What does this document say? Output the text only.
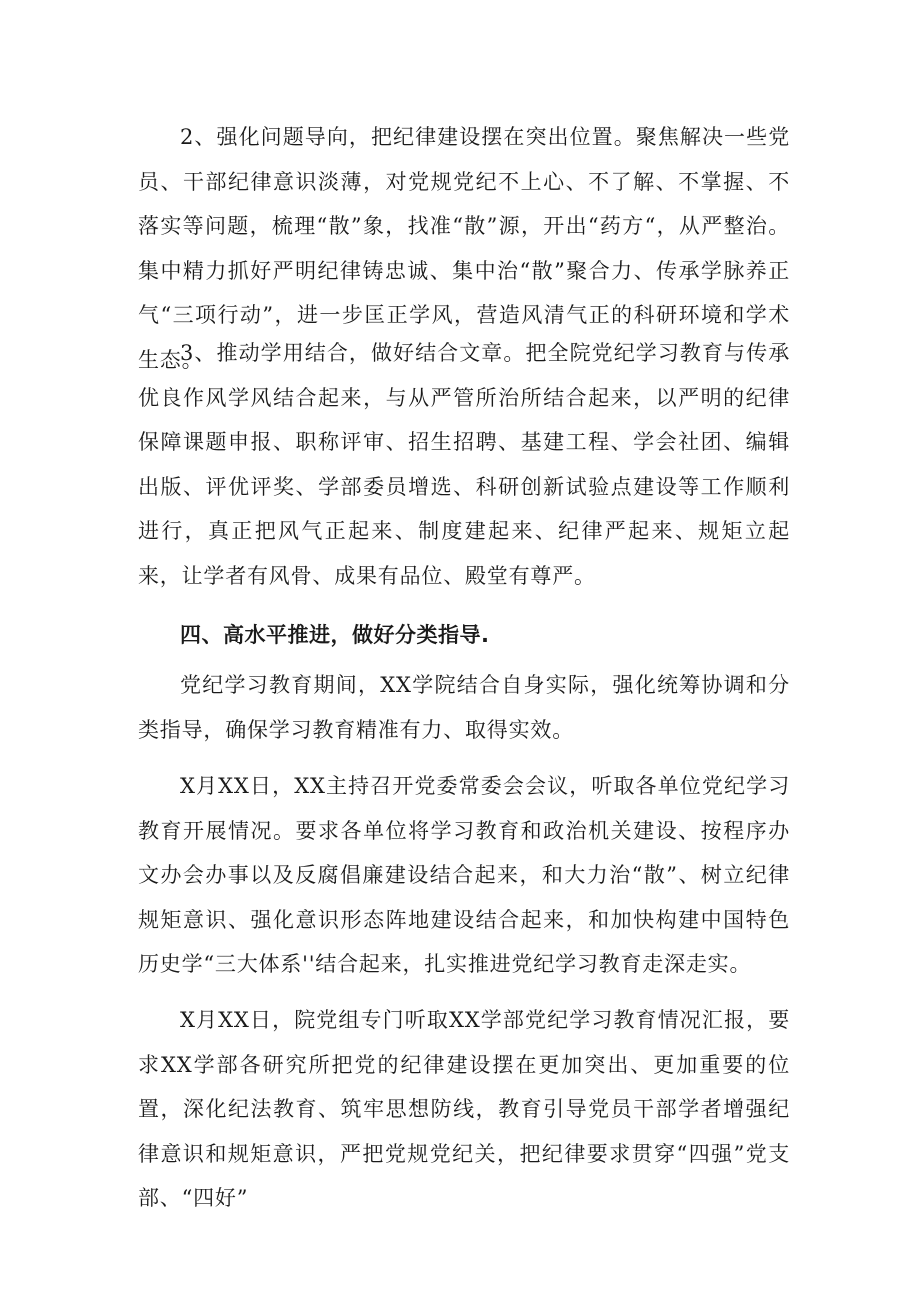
2、强化问题导向，把纪律建设摆在突出位置。聚焦解决一些党员、干部纪律意识淡薄，对党规党纪不上心、不了解、不掌握、不落实等问题，梳理“散”象，找准“散”源，开出“药方“，从严整治。集中精力抓好严明纪律铸忠诚、集中治“散”聚合力、传承学脉养正气“三项行动”，进一步匡正学风，营造风清气正的科研环境和学术生态。

3、推动学用结合，做好结合文章。把全院党纪学习教育与传承优良作风学风结合起来，与从严管所治所结合起来，以严明的纪律保障课题申报、职称评审、招生招聘、基建工程、学会社团、编辑出版、评优评奖、学部委员增选、科研创新试验点建设等工作顺利进行，真正把风气正起来、制度建起来、纪律严起来、规矩立起来，让学者有风骨、成果有品位、殿堂有尊严。

四、高水平推进，做好分类指导.

党纪学习教育期间，XX学院结合自身实际，强化统筹协调和分类指导，确保学习教育精准有力、取得实效。

X月XX日，XX主持召开党委常委会会议，听取各单位党纪学习教育开展情况。要求各单位将学习教育和政治机关建设、按程序办文办会办事以及反腐倡廉建设结合起来，和大力治“散”、树立纪律规矩意识、强化意识形态阵地建设结合起来，和加快构建中国特色历史学“三大体系''结合起来，扎实推进党纪学习教育走深走实。

X月XX日，院党组专门听取XX学部党纪学习教育情况汇报，要求XX学部各研究所把党的纪律建设摆在更加突出、更加重要的位置，深化纪法教育、筑牢思想防线，教育引导党员干部学者增强纪律意识和规矩意识，严把党规党纪关，把纪律要求贯穿“四强”党支部、“四好”
